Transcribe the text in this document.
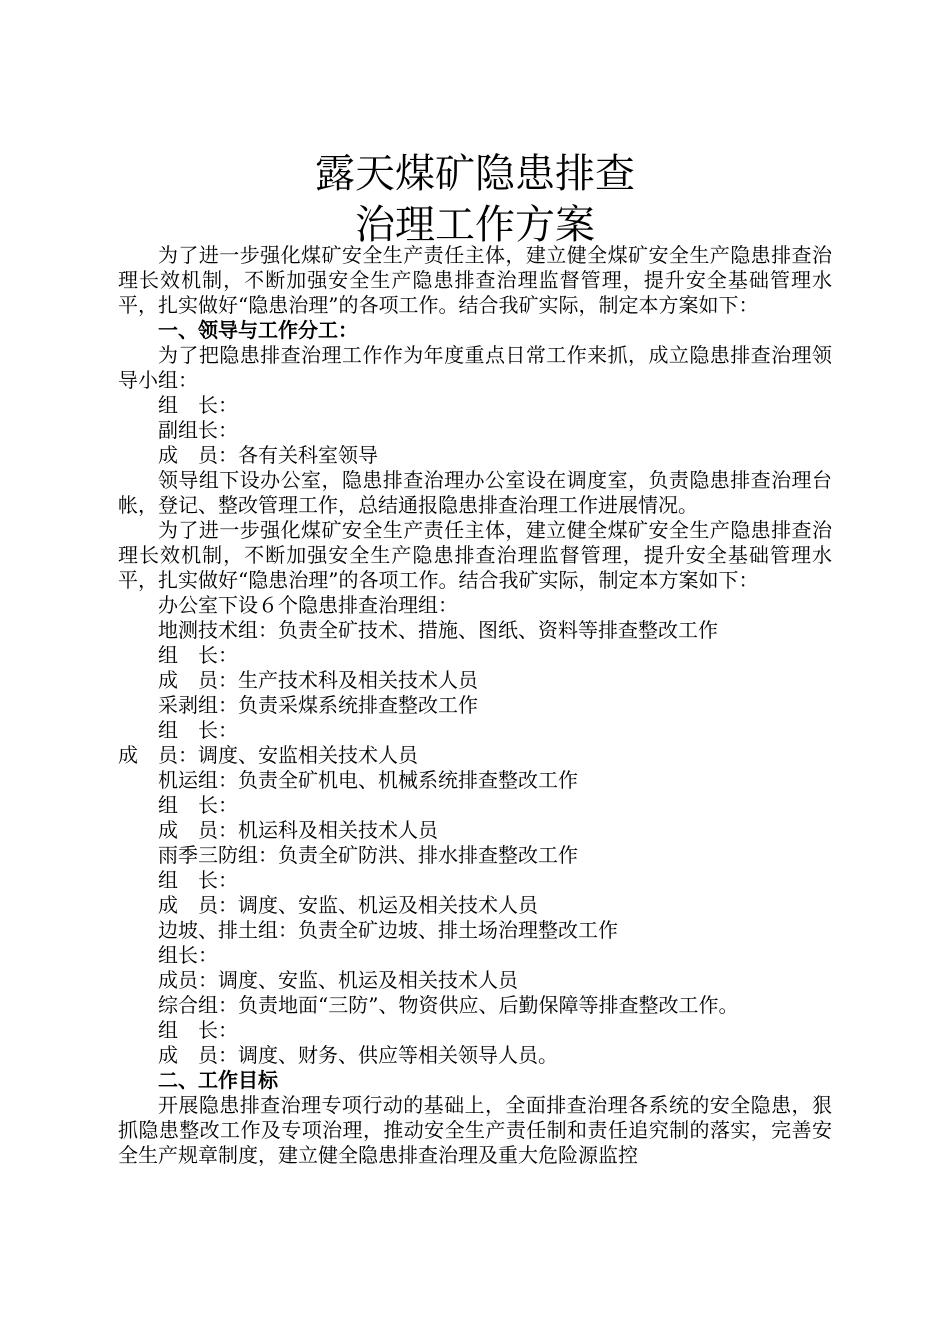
露天煤矿隐患排查
治理工作方案

为了进一步强化煤矿安全生产责任主体，建立健全煤矿安全生产隐患排查治理长效机制，不断加强安全生产隐患排查治理监督管理，提升安全基础管理水平，扎实做好“隐患治理”的各项工作。结合我矿实际，制定本方案如下：

一、领导与工作分工：

为了把隐患排查治理工作作为年度重点日常工作来抓，成立隐患排查治理领导小组：

组　长：

副组长：

成　员：各有关科室领导

领导组下设办公室，隐患排查治理办公室设在调度室，负责隐患排查治理台帐，登记、整改管理工作，总结通报隐患排查治理工作进展情况。

为了进一步强化煤矿安全生产责任主体，建立健全煤矿安全生产隐患排查治理长效机制，不断加强安全生产隐患排查治理监督管理，提升安全基础管理水平，扎实做好“隐患治理”的各项工作。结合我矿实际，制定本方案如下：

办公室下设６个隐患排查治理组：

地测技术组：负责全矿技术、措施、图纸、资料等排查整改工作

组　长：

成　员：生产技术科及相关技术人员

采剥组：负责采煤系统排查整改工作

组　长：

成　员：调度、安监相关技术人员

机运组：负责全矿机电、机械系统排查整改工作

组　长：

成　员：机运科及相关技术人员

雨季三防组：负责全矿防洪、排水排查整改工作

组　长：

成　员：调度、安监、机运及相关技术人员

边坡、排土组：负责全矿边坡、排土场治理整改工作

组长：

成员：调度、安监、机运及相关技术人员

综合组：负责地面“三防”、物资供应、后勤保障等排查整改工作。

组　长：

成　员：调度、财务、供应等相关领导人员。

二、工作目标

开展隐患排查治理专项行动的基础上，全面排查治理各系统的安全隐患，狠抓隐患整改工作及专项治理，推动安全生产责任制和责任追究制的落实，完善安全生产规章制度，建立健全隐患排查治理及重大危险源监控
